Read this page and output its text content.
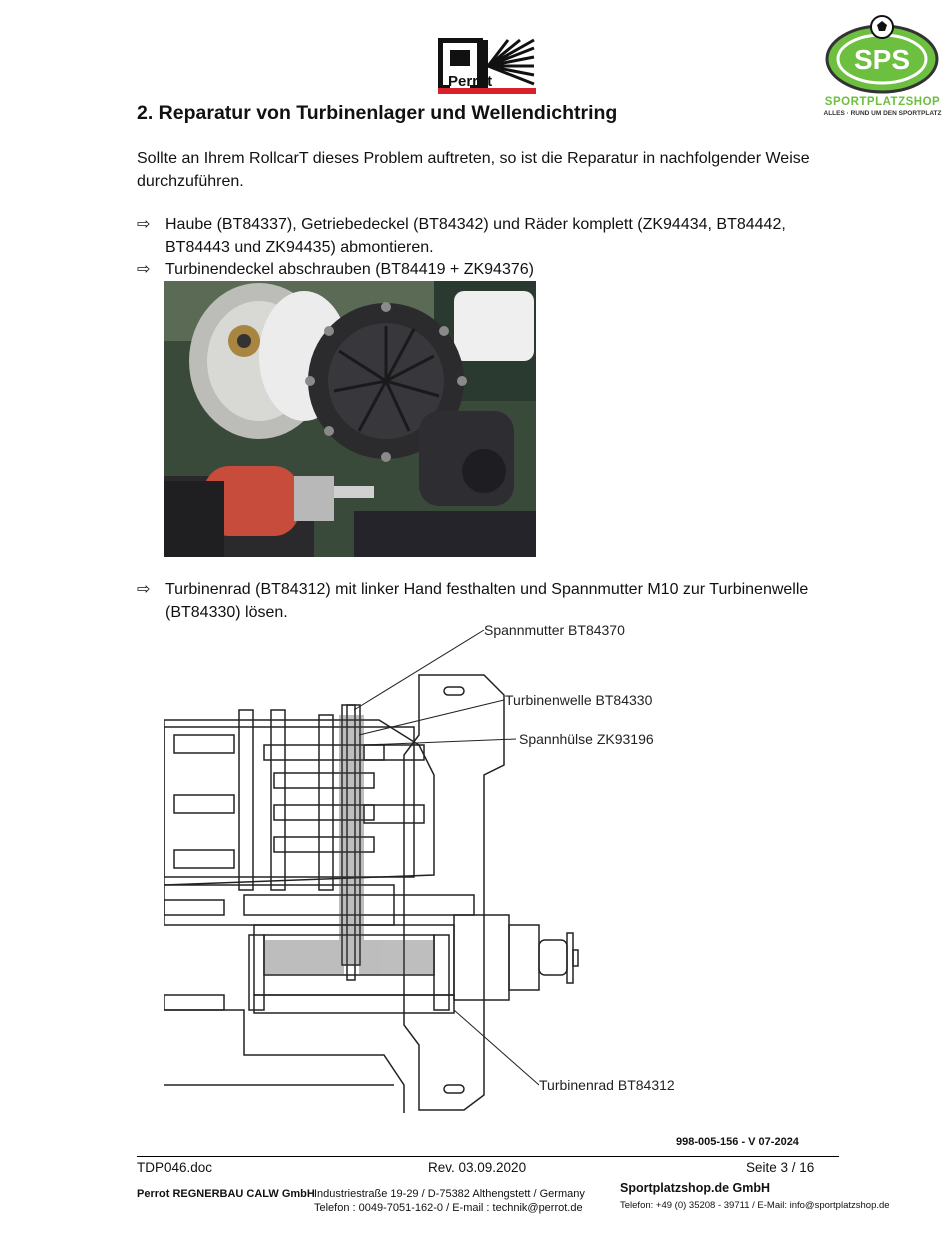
Perrot
SPS
SPORTPLATZSHOP
ALLES · RUND UM DEN SPORTPLATZ
2. Reparatur von Turbinenlager und Wellendichtring
Sollte an Ihrem RollcarT dieses Problem auftreten, so ist die Reparatur in nachfolgender Weise durchzuführen.
⇨ Haube (BT84337), Getriebedeckel (BT84342) und Räder komplett (ZK94434, BT84442, BT84443 und ZK94435) abmontieren.
⇨ Turbinendeckel abschrauben (BT84419 + ZK94376)
⇨ Turbinenrad (BT84312) mit linker Hand festhalten und Spannmutter M10 zur Turbinenwelle (BT84330) lösen.
Spannmutter BT84370
Turbinenwelle BT84330
Spannhülse ZK93196
Turbinenrad BT84312
998-005-156 - V 07-2024
TDP046.doc	Rev. 03.09.2020	Seite 3 / 16
Perrot REGNERBAU CALW GmbH Industriestraße 19-29 / D-75382 Althengstett / Germany
Telefon : 0049-7051-162-0 / E-mail : technik@perrot.de
Sportplatzshop.de GmbH
Telefon: +49 (0) 35208 - 39711 / E-Mail: info@sportplatzshop.de
